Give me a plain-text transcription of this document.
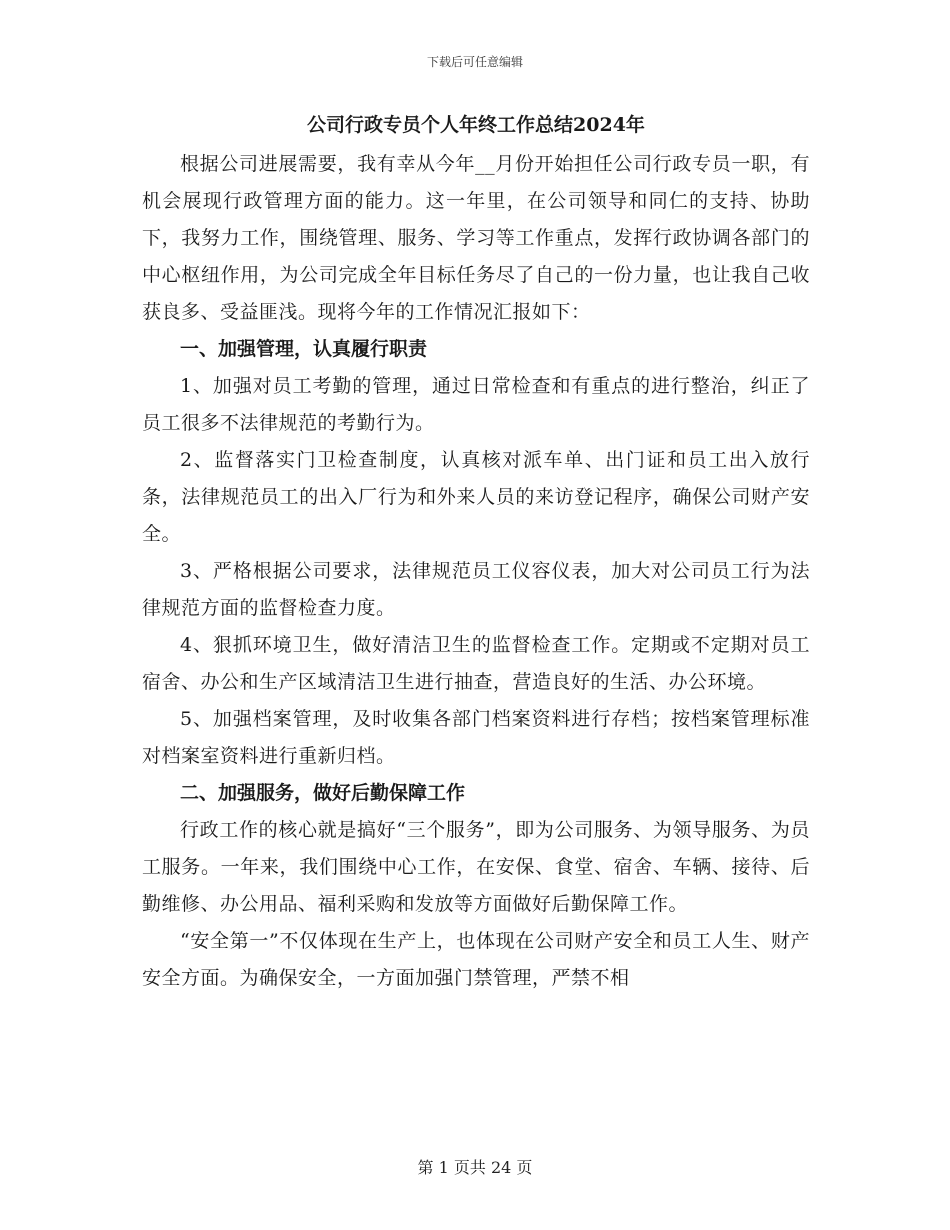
下载后可任意编辑
公司行政专员个人年终工作总结2024年

根据公司进展需要，我有幸从今年__月份开始担任公司行政专员一职，有机会展现行政管理方面的能力。这一年里，在公司领导和同仁的支持、协助下，我努力工作，围绕管理、服务、学习等工作重点，发挥行政协调各部门的中心枢纽作用，为公司完成全年目标任务尽了自己的一份力量，也让我自己收获良多、受益匪浅。现将今年的工作情况汇报如下：

一、加强管理，认真履行职责

1、加强对员工考勤的管理，通过日常检查和有重点的进行整治，纠正了员工很多不法律规范的考勤行为。

2、监督落实门卫检查制度，认真核对派车单、出门证和员工出入放行条，法律规范员工的出入厂行为和外来人员的来访登记程序，确保公司财产安全。

3、严格根据公司要求，法律规范员工仪容仪表，加大对公司员工行为法律规范方面的监督检查力度。

4、狠抓环境卫生，做好清洁卫生的监督检查工作。定期或不定期对员工宿舍、办公和生产区域清洁卫生进行抽查，营造良好的生活、办公环境。

5、加强档案管理，及时收集各部门档案资料进行存档；按档案管理标准对档案室资料进行重新归档。

二、加强服务，做好后勤保障工作

行政工作的核心就是搞好“三个服务”，即为公司服务、为领导服务、为员工服务。一年来，我们围绕中心工作，在安保、食堂、宿舍、车辆、接待、后勤维修、办公用品、福利采购和发放等方面做好后勤保障工作。

“安全第一”不仅体现在生产上，也体现在公司财产安全和员工人生、财产安全方面。为确保安全，一方面加强门禁管理，严禁不相

第 1 页共 24 页
